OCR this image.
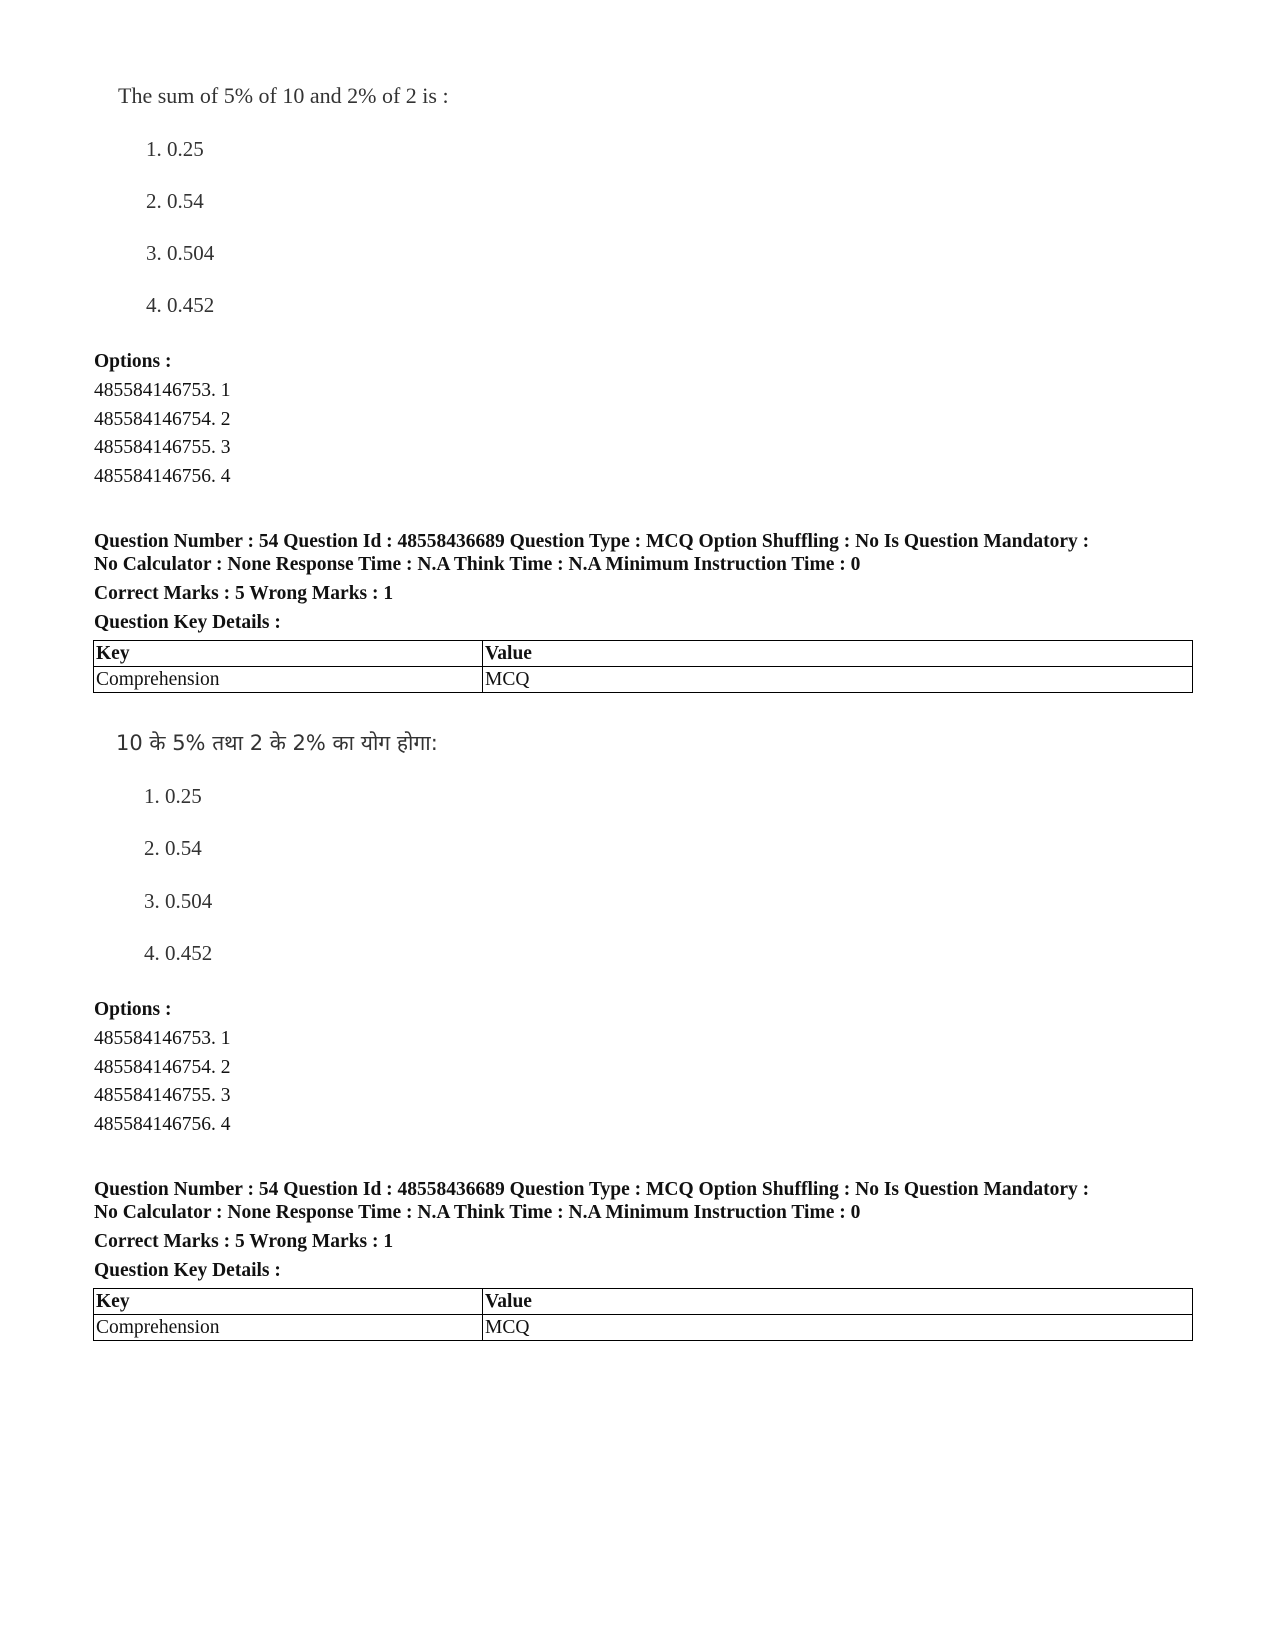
The sum of 5% of 10 and 2% of 2 is :
1. 0.25
2. 0.54
3. 0.504
4. 0.452
Options :
485584146753. 1
485584146754. 2
485584146755. 3
485584146756. 4
Question Number : 54 Question Id : 48558436689 Question Type : MCQ Option Shuffling : No Is Question Mandatory :
No Calculator : None Response Time : N.A Think Time : N.A Minimum Instruction Time : 0
Correct Marks : 5 Wrong Marks : 1
Question Key Details :
Key	Value
Comprehension	MCQ
10 के 5% तथा 2 के 2% का योग होगा:
1. 0.25
2. 0.54
3. 0.504
4. 0.452
Options :
485584146753. 1
485584146754. 2
485584146755. 3
485584146756. 4
Question Number : 54 Question Id : 48558436689 Question Type : MCQ Option Shuffling : No Is Question Mandatory :
No Calculator : None Response Time : N.A Think Time : N.A Minimum Instruction Time : 0
Correct Marks : 5 Wrong Marks : 1
Question Key Details :
Key	Value
Comprehension	MCQ
